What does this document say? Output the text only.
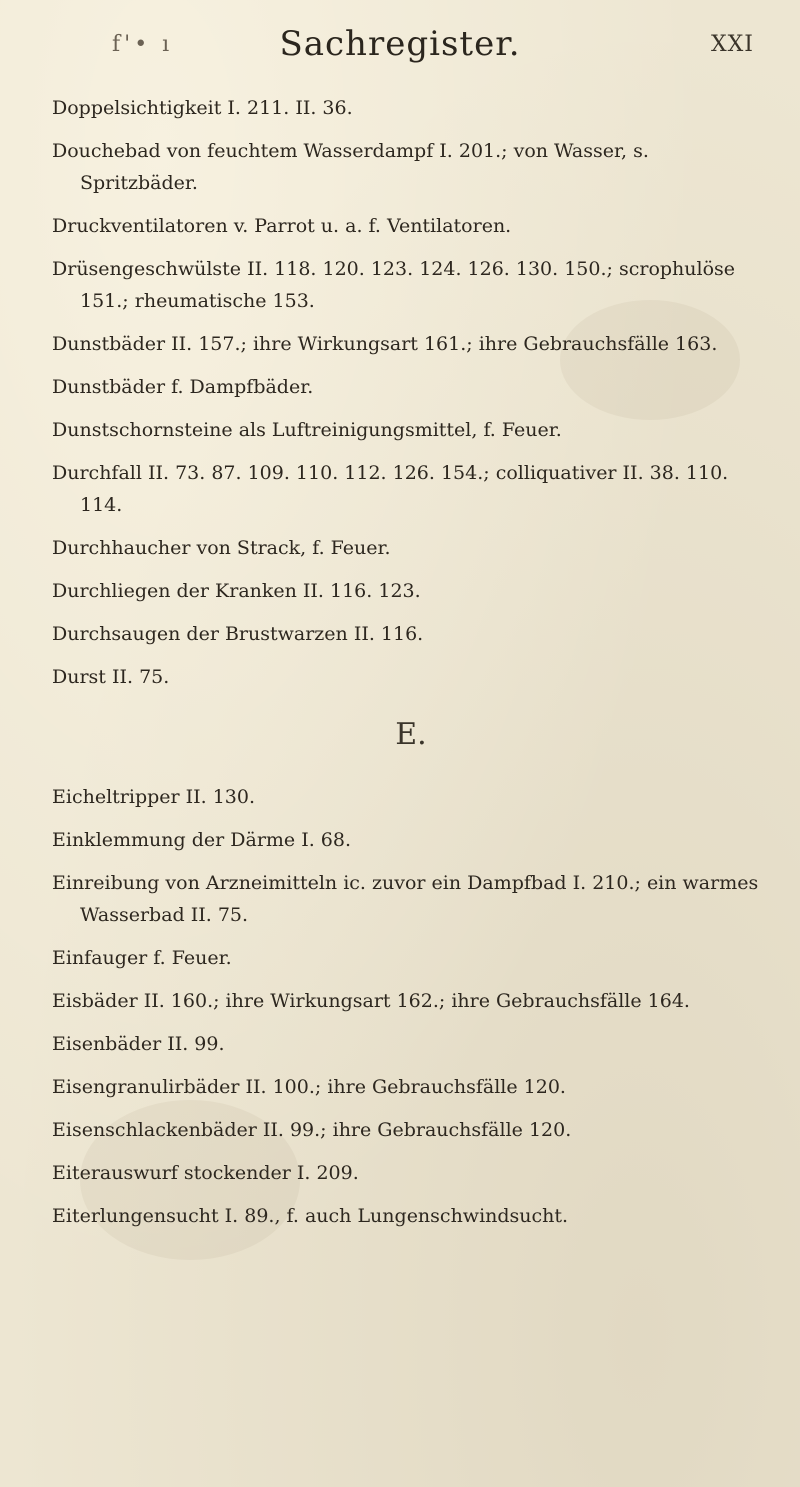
f'• ı	Sachregister.	XXI
Doppelsichtigkeit I. 211. II. 36.
Douchebad von feuchtem Wasserdampf I. 201.; von Wasser, s. Spritzbäder.
Druckventilatoren v. Parrot u. a. f. Ventilatoren.
Drüsengeschwülste II. 118. 120. 123. 124. 126. 130. 150.; scrophulöse 151.; rheumatische 153.
Dunstbäder II. 157.; ihre Wirkungsart 161.; ihre Gebrauchsfälle 163.
Dunstbäder f. Dampfbäder.
Dunstschornsteine als Luftreinigungsmittel, f. Feuer.
Durchfall II. 73. 87. 109. 110. 112. 126. 154.; colliquativer II. 38. 110. 114.
Durchhaucher von Strack, f. Feuer.
Durchliegen der Kranken II. 116. 123.
Durchsaugen der Brustwarzen II. 116.
Durst II. 75.
E.
Eicheltripper II. 130.
Einklemmung der Därme I. 68.
Einreibung von Arzneimitteln ic. zuvor ein Dampfbad I. 210.; ein warmes Wasserbad II. 75.
Einfauger f. Feuer.
Eisbäder II. 160.; ihre Wirkungsart 162.; ihre Gebrauchsfälle 164.
Eisenbäder II. 99.
Eisengranulirbäder II. 100.; ihre Gebrauchsfälle 120.
Eisenschlackenbäder II. 99.; ihre Gebrauchsfälle 120.
Eiterauswurf stockender I. 209.
Eiterlungensucht I. 89., f. auch Lungenschwindsucht.
